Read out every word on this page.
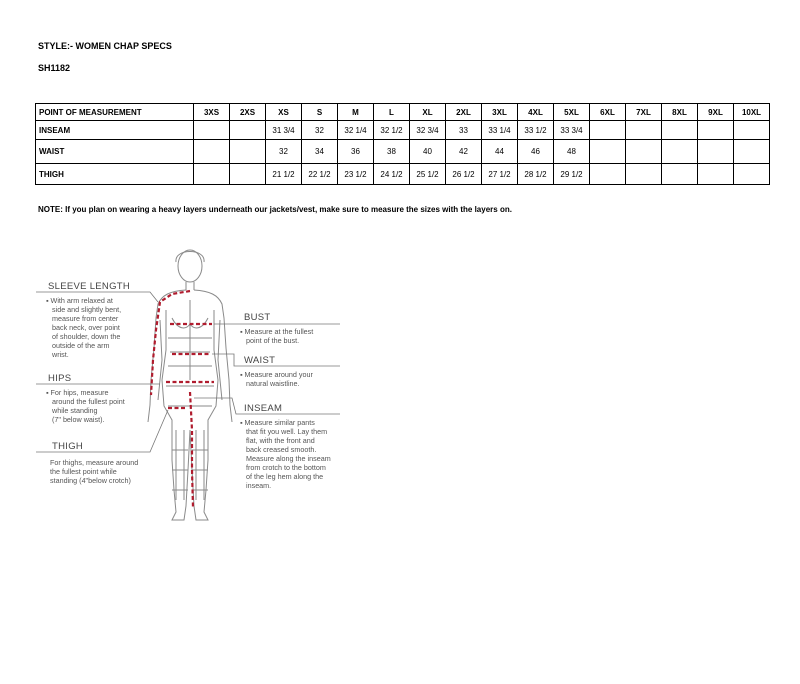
STYLE:- WOMEN CHAP SPECS
SH1182
POINT OF MEASUREMENT	3XS	2XS	XS	S	M	L	XL	2XL	3XL	4XL	5XL	6XL	7XL	8XL	9XL	10XL
INSEAM			31 3/4	32	32 1/4	32 1/2	32 3/4	33	33 1/4	33 1/2	33 3/4					
WAIST			32	34	36	38	40	42	44	46	48					
THIGH			21 1/2	22 1/2	23 1/2	24 1/2	25 1/2	26 1/2	27 1/2	28 1/2	29 1/2					
NOTE: If you plan on wearing a heavy layers underneath our jackets/vest, make sure to measure the sizes with the layers on.
SLEEVE LENGTH
▪ With arm relaxed at
side and slightly bent,
measure from center
back neck, over point
of shoulder, down the
outside of the arm
wrist.
HIPS
▪ For hips, measure
around the fullest point
while standing
(7" below waist).
THIGH
For thighs, measure around
the fullest point while
standing (4"below crotch)
BUST
▪ Measure at the fullest
point of the bust.
WAIST
▪ Measure around your
natural waistline.
INSEAM
▪ Measure similar pants
that fit you well. Lay them
flat, with the front and
back creased smooth.
Measure along the inseam
from crotch to the bottom
of the leg hem along the
inseam.
